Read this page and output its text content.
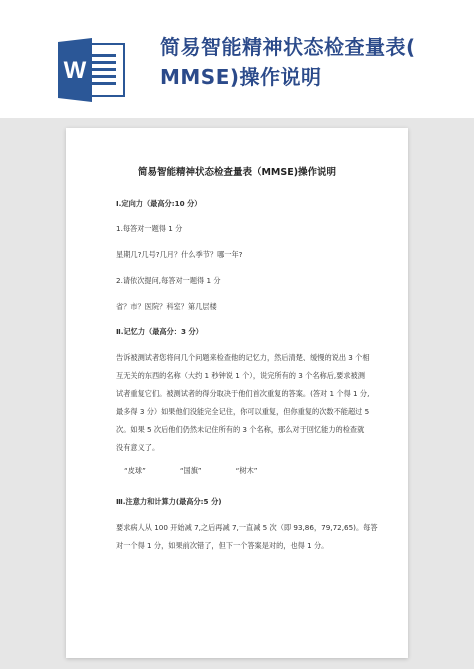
W
简易智能精神状态检查量表(
MMSE)操作说明
简易智能精神状态检查量表（MMSE)操作说明
Ⅰ.定向力（最高分:10 分）
1.每答对一题得 1 分
星期几?几号?几月？什么季节？哪一年?
2.请依次提问,每答对一题得 1 分
省？市？医院？科室？第几层楼
Ⅱ.记忆力（最高分：3 分）
告诉被测试者您将问几个问题来检查他的记忆力，然后清楚、缓慢的说出 3 个相
互无关的东西的名称（大约 1 秒钟说 1 个），说完所有的 3 个名称后,要求被测
试者重复它们。被测试者的得分取决于他们首次重复的答案。(答对 1 个得 1 分,
最多得 3 分）如果他们没能完全记住，你可以重复，但你重复的次数不能超过 5
次。如果 5 次后他们仍然未记住所有的 3 个名称，那么对于回忆能力的检查就
没有意义了。
“皮球”	“国旗”	“树木”
Ⅲ.注意力和计算力(最高分:5 分)
要求病人从 100 开始减 7,之后再减 7,一直减 5 次（即 93,86，79,72,65)。每答
对一个得 1 分，如果前次错了，但下一个答案是对的，也得 1 分。
